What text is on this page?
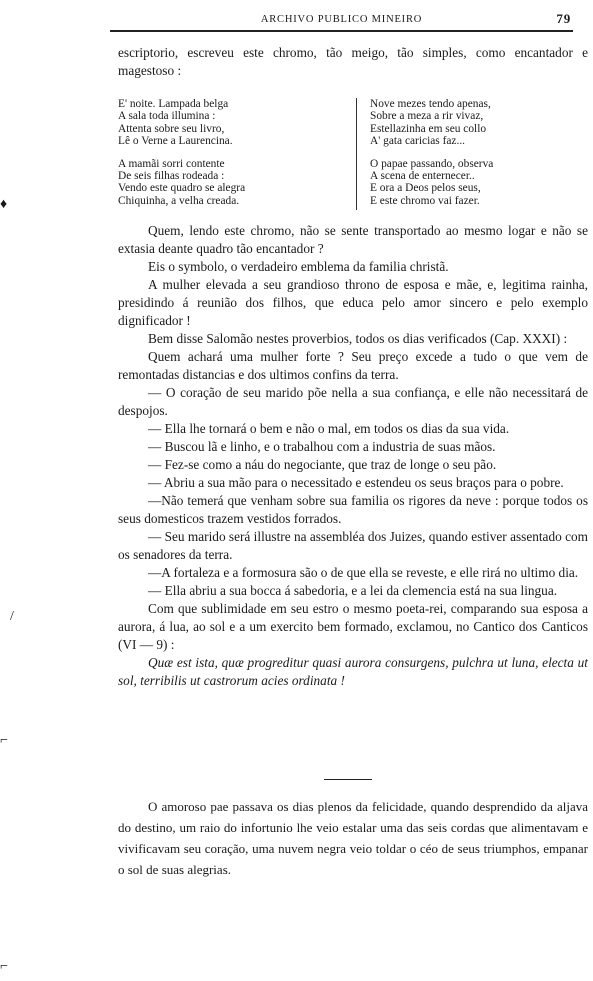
ARCHIVO PUBLICO MINEIRO	79

escriptorio, escreveu este chromo, tão meigo, tão simples, como encantador e magestoso :

E' noite. Lampada belga
A sala toda illumina :
Attenta sobre seu livro,
Lê o Verne a Laurencina.
A mamãi sorri contente
De seis filhas rodeada :
Vendo este quadro se alegra
Chiquinha, a velha creada.
Nove mezes tendo apenas,
Sobre a meza a rir vivaz,
Estellazinha em seu collo
A' gata caricias faz...
O papae passando, observa
A scena de enternecer..
E ora a Deos pelos seus,
E este chromo vai fazer.

Quem, lendo este chromo, não se sente transportado ao mesmo logar e não se extasia deante quadro tão encantador ?

Eis o symbolo, o verdadeiro emblema da familia christã.

A mulher elevada a seu grandioso throno de esposa e mãe, e, legitima rainha, presidindo á reunião dos filhos, que educa pelo amor sincero e pelo exemplo dignificador !

Bem disse Salomão nestes proverbios, todos os dias verificados (Cap. XXXI) :

Quem achará uma mulher forte ? Seu preço excede a tudo o que vem de remontadas distancias e dos ultimos confins da terra.

— O coração de seu marido põe nella a sua confiança, e elle não necessitará de despojos.

— Ella lhe tornará o bem e não o mal, em todos os dias da sua vida.

— Buscou lã e linho, e o trabalhou com a industria de suas mãos.

— Fez-se como a náu do negociante, que traz de longe o seu pão.

— Abriu a sua mão para o necessitado e estendeu os seus braços para o pobre.

—Não temerá que venham sobre sua familia os rigores da neve : porque todos os seus domesticos trazem vestidos forrados.

— Seu marido será illustre na assembléa dos Juizes, quando estiver assentado com os senadores da terra.

—A fortaleza e a formosura são o de que ella se reveste, e elle rirá no ultimo dia.

— Ella abriu a sua bocca á sabedoria, e a lei da clemencia está na sua lingua.

Com que sublimidade em seu estro o mesmo poeta-rei, comparando sua esposa a aurora, á lua, ao sol e a um exercito bem formado, exclamou, no Cantico dos Canticos (VI — 9) :

Quæ est ista, quæ progreditur quasi aurora consurgens, pulchra ut luna, electa ut sol, terribilis ut castrorum acies ordinata !

O amoroso pae passava os dias plenos da felicidade, quando desprendido da aljava do destino, um raio do infortunio lhe veio estalar uma das seis cordas que alimentavam e vivificavam seu coração, uma nuvem negra veio toldar o céo de seus triumphos, empanar o sol de suas alegrias.

♦
/
⌐
⌐
